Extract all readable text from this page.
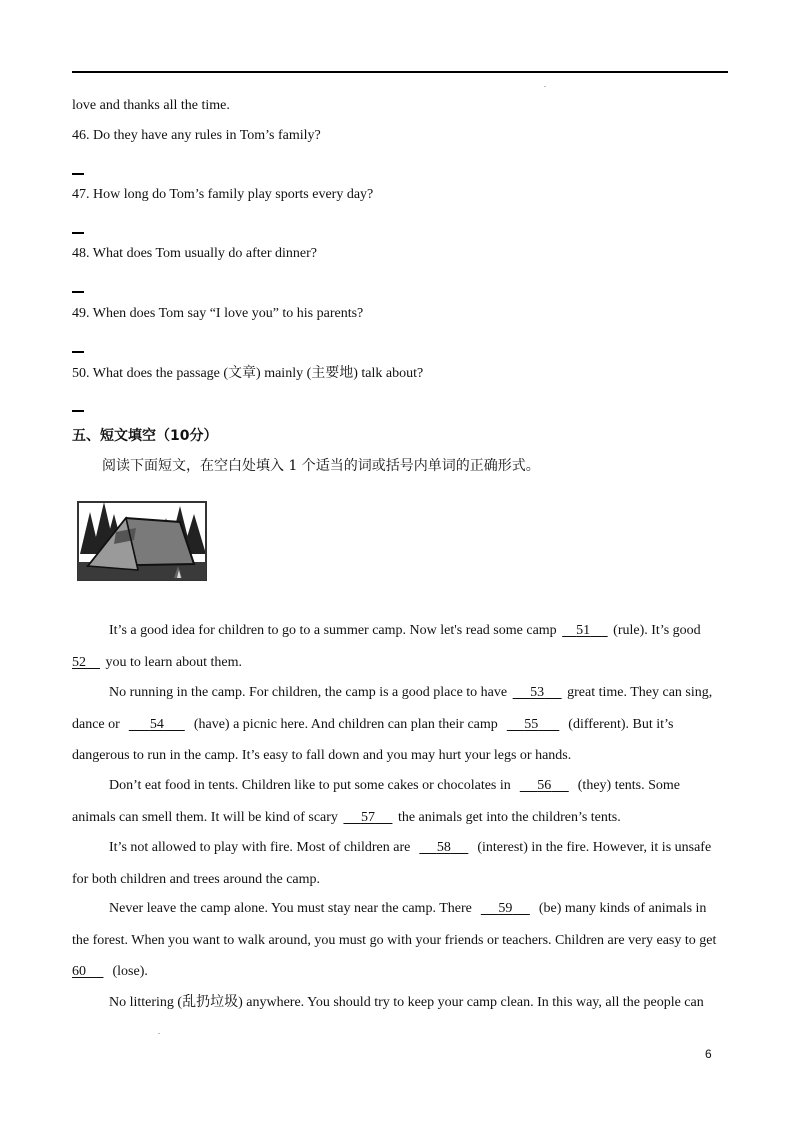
love and thanks all the time.
46. Do they have any rules in Tom’s family?
47. How long do Tom’s family play sports every day?
48. What does Tom usually do after dinner?
49. When does Tom say “I love you” to his parents?
50. What does the passage (文章) mainly (主要地) talk about?
五、短文填空（10分）
阅读下面短文，在空白处填入 1 个适当的词或括号内单词的正确形式。
It’s a good idea for children to go to a summer camp. Now let's read some camp 51 (rule). It’s good
52 you to learn about them.
No running in the camp. For children, the camp is a good place to have 53 great time. They can sing,
dance or 54 (have) a picnic here. And children can plan their camp 55 (different). But it’s
dangerous to run in the camp. It’s easy to fall down and you may hurt your legs or hands.
Don’t eat food in tents. Children like to put some cakes or chocolates in 56 (they) tents. Some
animals can smell them. It will be kind of scary 57 the animals get into the children’s tents.
It’s not allowed to play with fire. Most of children are 58 (interest) in the fire. However, it is unsafe
for both children and trees around the camp.
Never leave the camp alone. You must stay near the camp. There 59 (be) many kinds of animals in
the forest. When you want to walk around, you must go with your friends or teachers. Children are very easy to get
60 (lose).
No littering (乱扔垃圾) anywhere. You should try to keep your camp clean. In this way, all the people can
6
